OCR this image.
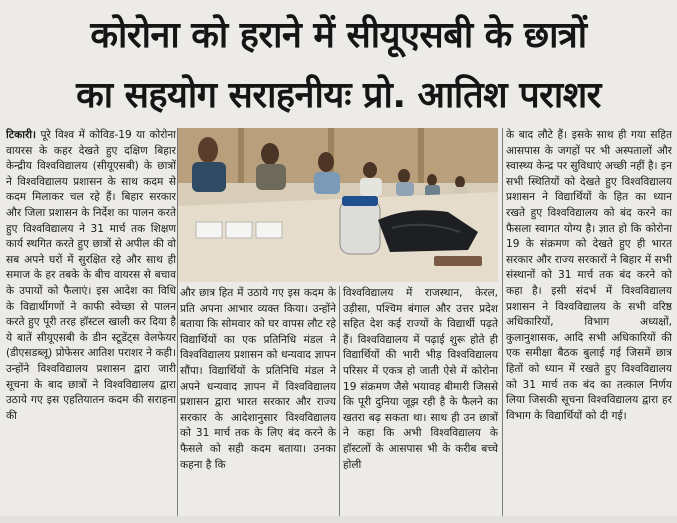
कोरोना को हराने में सीयूएसबी के छात्रों
का सहयोग सराहनीयः प्रो. आतिश पराशर

टिकारी। पूरे विश्व में कोविड-19 या कोरोना वायरस के कहर देखते हुए दक्षिण बिहार केन्द्रीय विश्वविद्यालय (सीयूएसबी) के छात्रों ने विश्वविद्यालय प्रशासन के साथ कदम से कदम मिलाकर चल रहे हैं। बिहार सरकार और जिला प्रशासन के निर्देश का पालन करते हुए विश्वविद्यालय ने 31 मार्च तक शिक्षण कार्य स्थगित करते हुए छात्रों से अपील की वो सब अपने घरों में सुरक्षित रहे और साथ ही समाज के हर तबके के बीच वायरस से बचाव के उपायों को फैलाएं। इस आदेश का विधि के विद्यार्थीगणों ने काफी स्वेच्छा से पालन करते हुए पूरी तरह हॉस्टल खाली कर दिया है ये बातें सीयूएसबी के डीन स्टूडेंट्स वेलफेयर (डीएसडब्लू) प्रोफेसर आतिश पराशर ने कही। उन्होंने विश्वविद्यालय प्रशासन द्वारा जारी सूचना के बाद छात्रों ने विश्वविद्यालय द्वारा उठाये गए इस एहतियातन कदम की सराहना की

और छात्र हित में उठाये गए इस कदम के प्रति अपना आभार व्यक्त किया। उन्होंने बताया कि सोमवार को घर वापस लौट रहे विद्यार्थियों का एक प्रतिनिधि मंडल ने विश्वविद्यालय प्रशासन को धन्यवाद ज्ञापन सौंपा। विद्यार्थियों के प्रतिनिधि मंडल ने अपने धन्यवाद ज्ञापन में विश्वविद्यालय प्रशासन द्वारा भारत सरकार और राज्य सरकार के आदेशानुसार विश्वविद्यालय को 31 मार्च तक के लिए बंद करने के फैसले को सही कदम बताया। उनका कहना है कि

विश्वविद्यालय में राजस्थान, केरल, उड़ीसा, पश्चिम बंगाल और उत्तर प्रदेश सहित देश कई राज्यों के विद्यार्थी पढ़ते हैं। विश्वविद्यालय में पढ़ाई शुरू होते ही विद्यार्थियों की भारी भीड़ विश्वविद्यालय परिसर में एकत्र हो जाती ऐसे में कोरोना 19 संक्रमण जैसे भयावह बीमारी जिससे कि पूरी दुनिया जूझ रही है के फैलने का खतरा बढ़ सकता था। साथ ही उन छात्रों ने कहा कि अभी विश्वविद्यालय के हॉस्टलों के आसपास भी के करीब बच्चे होली

के बाद लौटे हैं। इसके साथ ही गया सहित आसपास के जगहों पर भी अस्पतालों और स्वास्थ्य केन्द्र पर सुविधाएं अच्छी नहीं है। इन सभी स्थितियों को देखते हुए विश्वविद्यालय प्रशासन ने विद्यार्थियों के हित का ध्यान रखते हुए विश्वविद्यालय को बंद करने का फैसला स्वागत योग्य है। ज्ञात हो कि कोरोना 19 के संक्रमण को देखते हुए ही भारत सरकार और राज्य सरकारों ने बिहार में सभी संस्थानों को 31 मार्च तक बंद करने को कहा है। इसी संदर्भ में विश्वविद्यालय प्रशासन ने विश्वविद्यालय के सभी वरिष्ठ अधिकारियों, विभाग अध्यक्षों, कुलानुशासक, आदि सभी अधिकारियों की एक समीक्षा बैठक बुलाई गई जिसमें छात्र हितों को ध्यान में रखते हुए विश्वविद्यालय को 31 मार्च तक बंद का तत्काल निर्णय लिया जिसकी सूचना विश्वविद्यालय द्वारा हर विभाग के विद्यार्थियों को दी गई।
